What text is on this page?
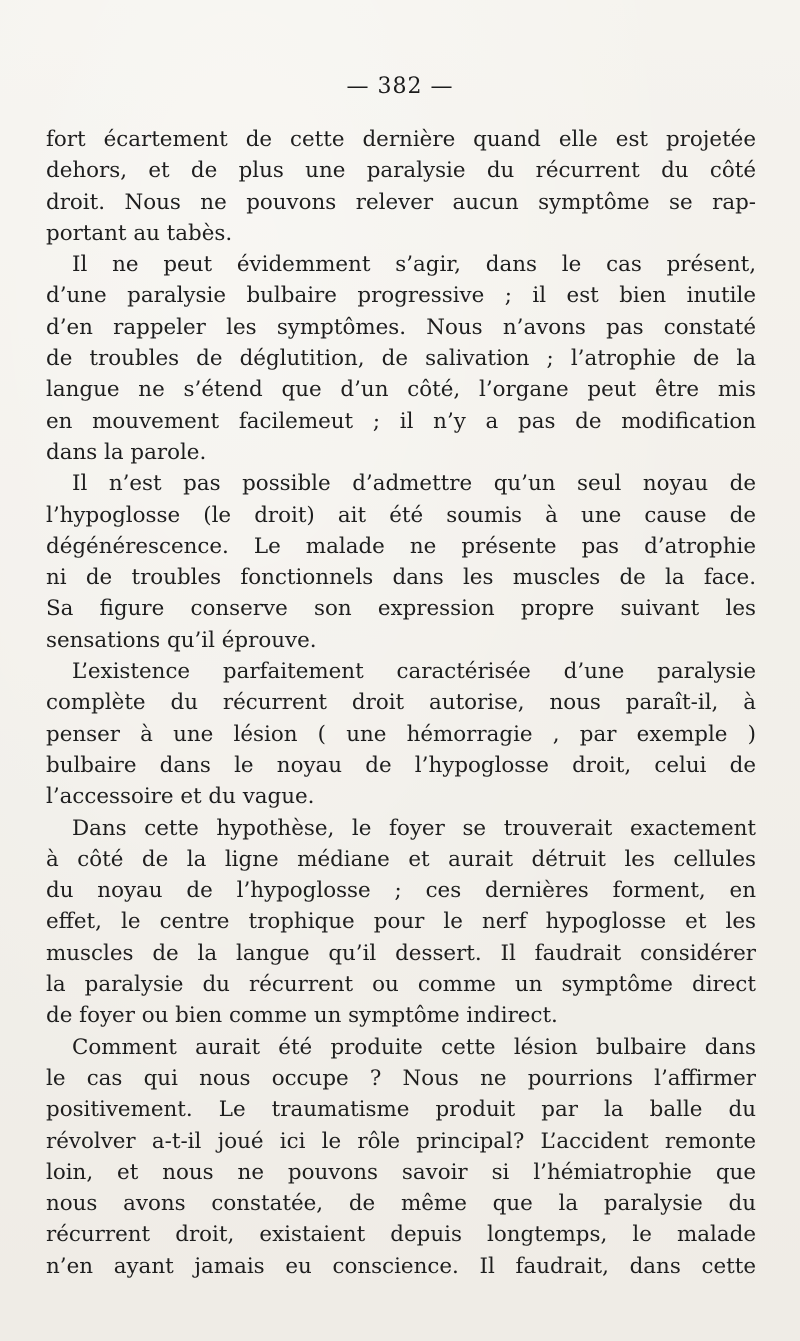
— 382 —
fort écartement de cette dernière quand elle est projetée
dehors, et de plus une paralysie du récurrent du côté
droit. Nous ne pouvons relever aucun symptôme se rap-
portant au tabès.
Il ne peut évidemment s’agir, dans le cas présent,
d’une paralysie bulbaire progressive ; il est bien inutile
d’en rappeler les symptômes. Nous n’avons pas constaté
de troubles de déglutition, de salivation ; l’atrophie de la
langue ne s’étend que d’un côté, l’organe peut être mis
en mouvement facilemeut ; il n’y a pas de modification
dans la parole.
Il n’est pas possible d’admettre qu’un seul noyau de
l’hypoglosse (le droit) ait été soumis à une cause de
dégénérescence. Le malade ne présente pas d’atrophie
ni de troubles fonctionnels dans les muscles de la face.
Sa figure conserve son expression propre suivant les
sensations qu’il éprouve.
L’existence parfaitement caractérisée d’une paralysie
complète du récurrent droit autorise, nous paraît-il, à
penser à une lésion ( une hémorragie , par exemple )
bulbaire dans le noyau de l’hypoglosse droit, celui de
l’accessoire et du vague.
Dans cette hypothèse, le foyer se trouverait exactement
à côté de la ligne médiane et aurait détruit les cellules
du noyau de l’hypoglosse ; ces dernières forment, en
effet, le centre trophique pour le nerf hypoglosse et les
muscles de la langue qu’il dessert. Il faudrait considérer
la paralysie du récurrent ou comme un symptôme direct
de foyer ou bien comme un symptôme indirect.
Comment aurait été produite cette lésion bulbaire dans
le cas qui nous occupe ? Nous ne pourrions l’affirmer
positivement. Le traumatisme produit par la balle du
révolver a-t-il joué ici le rôle principal? L’accident remonte
loin, et nous ne pouvons savoir si l’hémiatrophie que
nous avons constatée, de même que la paralysie du
récurrent droit, existaient depuis longtemps, le malade
n’en ayant jamais eu conscience. Il faudrait, dans cette
